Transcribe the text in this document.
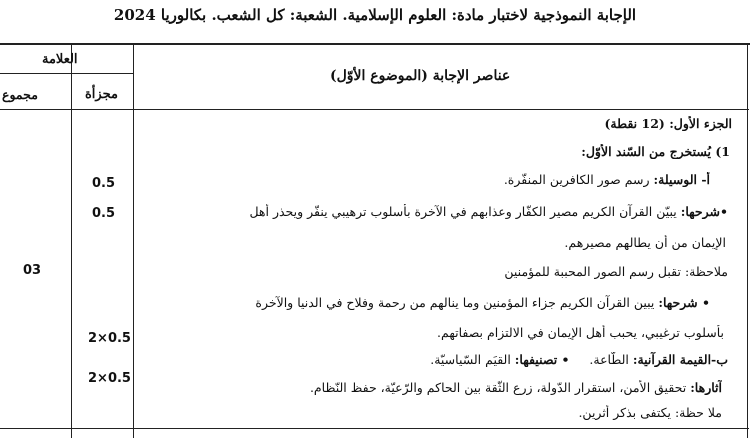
الإجابة النموذجية لاختبار مادة: العلوم الإسلامية. الشعبة: كل الشعب. بكالوريا 2024
العلامة
مجموع	مجزأة
عناصر الإجابة (الموضوع الأوّل)
03
0.5
0.5
2×0.5
2×0.5
الجزء الأول: (12 نقطة)
1) يُستخرج من السّند الأوّل:
أ- الوسيلة: رسم صور الكافرين المنفّرة.
•شرحها: يبيّن القرآن الكريم مصير الكفّار وعذابهم في الآخرة بأسلوب ترهيبي ينفّر ويحذر أهل
الإيمان من أن يطالهم مصيرهم.
ملاحظة: تقبل رسم الصور المحببة للمؤمنين
• شرحها: يبين القرآن الكريم جزاء المؤمنين وما ينالهم من رحمة وفلاح في الدنيا والآخرة
بأسلوب ترغيبي، يحبب أهل الإيمان في الالتزام بصفاتهم.
ب-القيمة القرآنية: الطّاعة.     • تصنيفها: القيَم السّياسيّة.
آثارها: تحقيق الأمن، استقرار الدّولة، زرع الثّقة بين الحاكم والرّعيّة، حفظ النّظام.
ملا حظة: يكتفى بذكر أثرين.
